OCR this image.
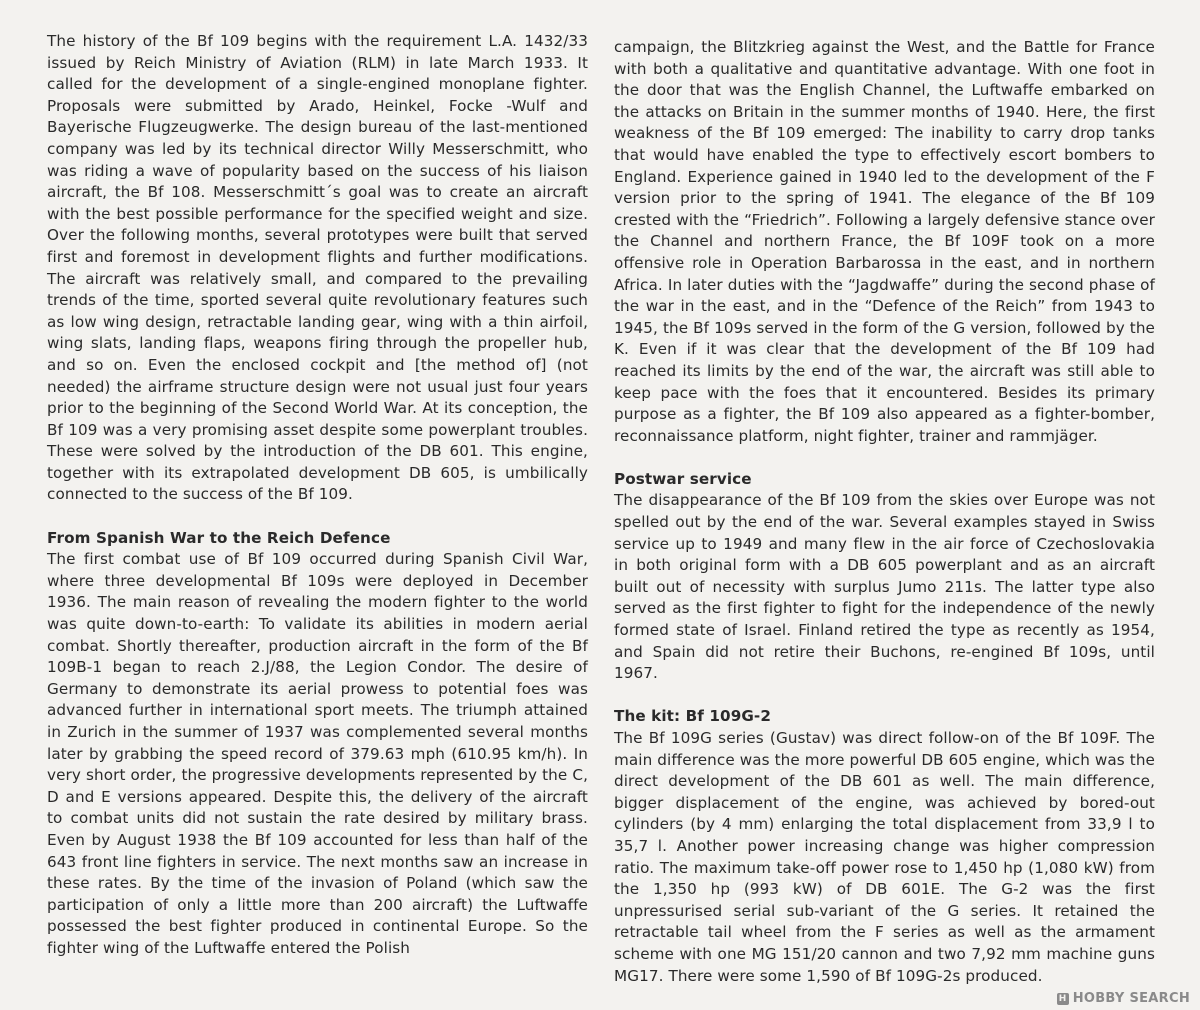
The history of the Bf 109 begins with the requirement L.A. 1432/33 issued by Reich Ministry of Aviation (RLM) in late March 1933. It called for the development of a single-engined monoplane fighter. Proposals were submitted by Arado, Heinkel, Focke -Wulf and Bayerische Flugzeugwerke. The design bureau of the last-mentioned company was led by its technical director Willy Messerschmitt, who was riding a wave of popularity based on the success of his liaison aircraft, the Bf 108. Messerschmitt´s goal was to create an aircraft with the best possible performance for the specified weight and size. Over the following months, several prototypes were built that served first and foremost in development flights and further modifications. The aircraft was relatively small, and compared to the prevailing trends of the time, sported several quite revolutionary features such as low wing design, retractable landing gear, wing with a thin airfoil, wing slats, landing flaps, weapons firing through the propeller hub, and so on. Even the enclosed cockpit and [the method of] (not needed) the airframe structure design were not usual just four years prior to the beginning of the Second World War. At its conception, the Bf 109 was a very promising asset despite some powerplant troubles. These were solved by the introduction of the DB 601. This engine, together with its extrapolated development DB 605, is umbilically connected to the success of the Bf 109.

From Spanish War to the Reich Defence

The first combat use of Bf 109 occurred during Spanish Civil War, where three developmental Bf 109s were deployed in December 1936. The main reason of revealing the modern fighter to the world was quite down-to-earth: To validate its abilities in modern aerial combat. Shortly thereafter, production aircraft in the form of the Bf 109B-1 began to reach 2.J/88, the Legion Condor. The desire of Germany to demonstrate its aerial prowess to potential foes was advanced further in international sport meets. The triumph attained in Zurich in the summer of 1937 was complemented several months later by grabbing the speed record of 379.63 mph (610.95 km/h). In very short order, the progressive developments represented by the C, D and E versions appeared. Despite this, the delivery of the aircraft to combat units did not sustain the rate desired by military brass. Even by August 1938 the Bf 109 accounted for less than half of the 643 front line fighters in service. The next months saw an increase in these rates. By the time of the invasion of Poland (which saw the participation of only a little more than 200 aircraft) the Luftwaffe possessed the best fighter produced in continental Europe. So the fighter wing of the Luftwaffe entered the Polish

campaign, the Blitzkrieg against the West, and the Battle for France with both a qualitative and quantitative advantage. With one foot in the door that was the English Channel, the Luftwaffe embarked on the attacks on Britain in the summer months of 1940. Here, the first weakness of the Bf 109 emerged: The inability to carry drop tanks that would have enabled the type to effectively escort bombers to England. Experience gained in 1940 led to the development of the F version prior to the spring of 1941. The elegance of the Bf 109 crested with the “Friedrich”. Following a largely defensive stance over the Channel and northern France, the Bf 109F took on a more offensive role in Operation Barbarossa in the east, and in northern Africa. In later duties with the “Jagdwaffe” during the second phase of the war in the east, and in the “Defence of the Reich” from 1943 to 1945, the Bf 109s served in the form of the G version, followed by the K. Even if it was clear that the development of the Bf 109 had reached its limits by the end of the war, the aircraft was still able to keep pace with the foes that it encountered. Besides its primary purpose as a fighter, the Bf 109 also appeared as a fighter-bomber, reconnaissance platform, night fighter, trainer and rammjäger.

Postwar service

The disappearance of the Bf 109 from the skies over Europe was not spelled out by the end of the war. Several examples stayed in Swiss service up to 1949 and many flew in the air force of Czechoslovakia in both original form with a DB 605 powerplant and as an aircraft built out of necessity with surplus Jumo 211s. The latter type also served as the first fighter to fight for the independence of the newly formed state of Israel. Finland retired the type as recently as 1954, and Spain did not retire their Buchons, re-engined Bf 109s, until 1967.

The kit: Bf 109G-2

The Bf 109G series (Gustav) was direct follow-on of the Bf 109F. The main difference was the more powerful DB 605 engine, which was the direct development of the DB 601 as well. The main difference, bigger displacement of the engine, was achieved by bored-out cylinders (by 4 mm) enlarging the total displacement from 33,9 l to 35,7 l. Another power increasing change was higher compression ratio. The maximum take-off power rose to 1,450 hp (1,080 kW) from the 1,350 hp (993 kW) of DB 601E. The G-2 was the first unpressurised serial sub-variant of the G series. It retained the retractable tail wheel from the F series as well as the armament scheme with one MG 151/20 cannon and two 7,92 mm machine guns MG17. There were some 1,590 of Bf 109G-2s produced.

H HOBBY SEARCH
